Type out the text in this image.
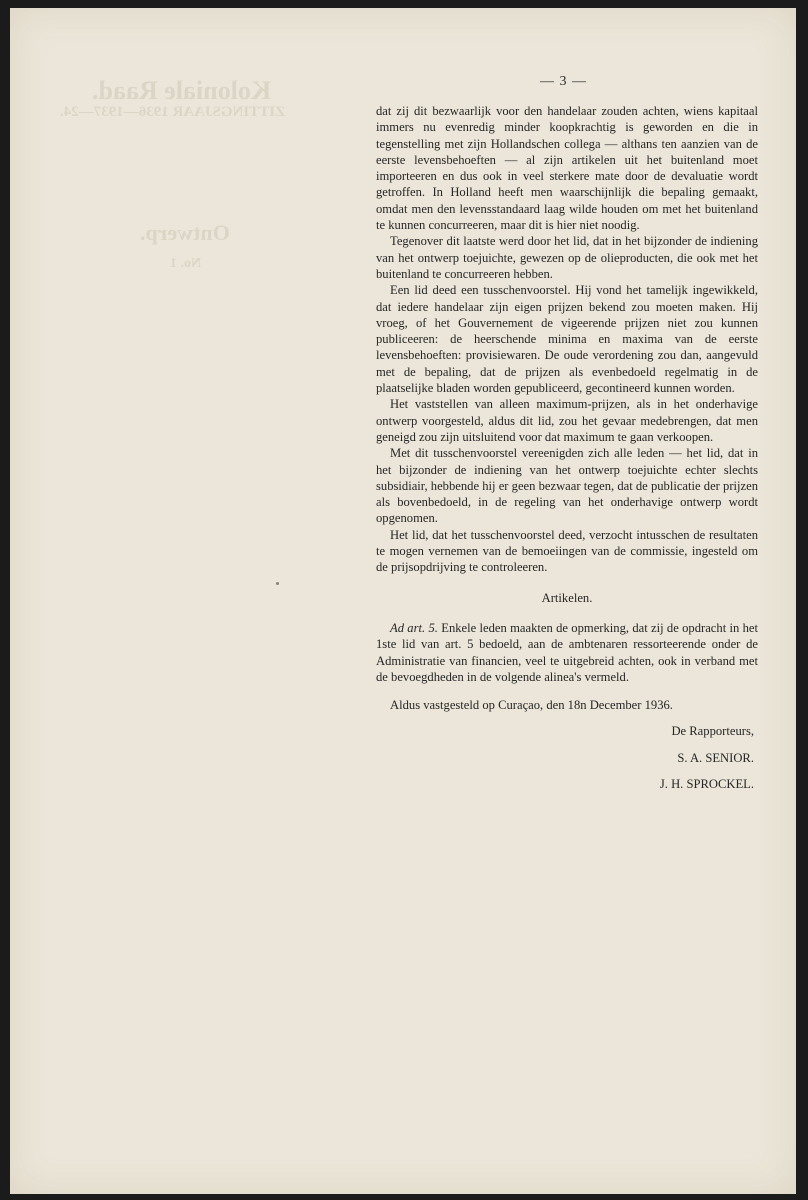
Koloniale Raad.
ZITTINGSJAAR 1936—1937—24.
Ontwerp.
No. 1
— 3 —

dat zij dit bezwaarlijk voor den handelaar zouden achten, wiens kapitaal immers nu evenredig minder koopkrachtig is geworden en die in tegenstelling met zijn Hollandschen collega — althans ten aanzien van de eerste levensbehoeften — al zijn artikelen uit het buitenland moet importeeren en dus ook in veel sterkere mate door de devaluatie wordt getroffen. In Holland heeft men waarschijnlijk die bepaling gemaakt, omdat men den levensstandaard laag wilde houden om met het buitenland te kunnen concurreeren, maar dit is hier niet noodig.

Tegenover dit laatste werd door het lid, dat in het bijzonder de indiening van het ontwerp toejuichte, gewezen op de olieproducten, die ook met het buitenland te concurreeren hebben.

Een lid deed een tusschenvoorstel. Hij vond het tamelijk ingewikkeld, dat iedere handelaar zijn eigen prijzen bekend zou moeten maken. Hij vroeg, of het Gouvernement de vigeerende prijzen niet zou kunnen publiceeren: de heerschende minima en maxima van de eerste levensbehoeften: provisiewaren. De oude verordening zou dan, aangevuld met de bepaling, dat de prijzen als evenbedoeld regelmatig in de plaatselijke bladen worden gepubliceerd, gecontineerd kunnen worden.

Het vaststellen van alleen maximum-prijzen, als in het onderhavige ontwerp voorgesteld, aldus dit lid, zou het gevaar medebrengen, dat men geneigd zou zijn uitsluitend voor dat maximum te gaan verkoopen.

Met dit tusschenvoorstel vereenigden zich alle leden — het lid, dat in het bijzonder de indiening van het ontwerp toejuichte echter slechts subsidiair, hebbende hij er geen bezwaar tegen, dat de publicatie der prijzen als bovenbedoeld, in de regeling van het onderhavige ontwerp wordt opgenomen.

Het lid, dat het tusschenvoorstel deed, verzocht intusschen de resultaten te mogen vernemen van de bemoeiingen van de commissie, ingesteld om de prijsopdrijving te controleeren.

Artikelen.

Ad art. 5. Enkele leden maakten de opmerking, dat zij de opdracht in het 1ste lid van art. 5 bedoeld, aan de ambtenaren ressorteerende onder de Administratie van financien, veel te uitgebreid achten, ook in verband met de bevoegdheden in de volgende alinea's vermeld.

Aldus vastgesteld op Curaçao, den 18n December 1936.

De Rapporteurs,

S. A. SENIOR.

J. H. SPROCKEL.
